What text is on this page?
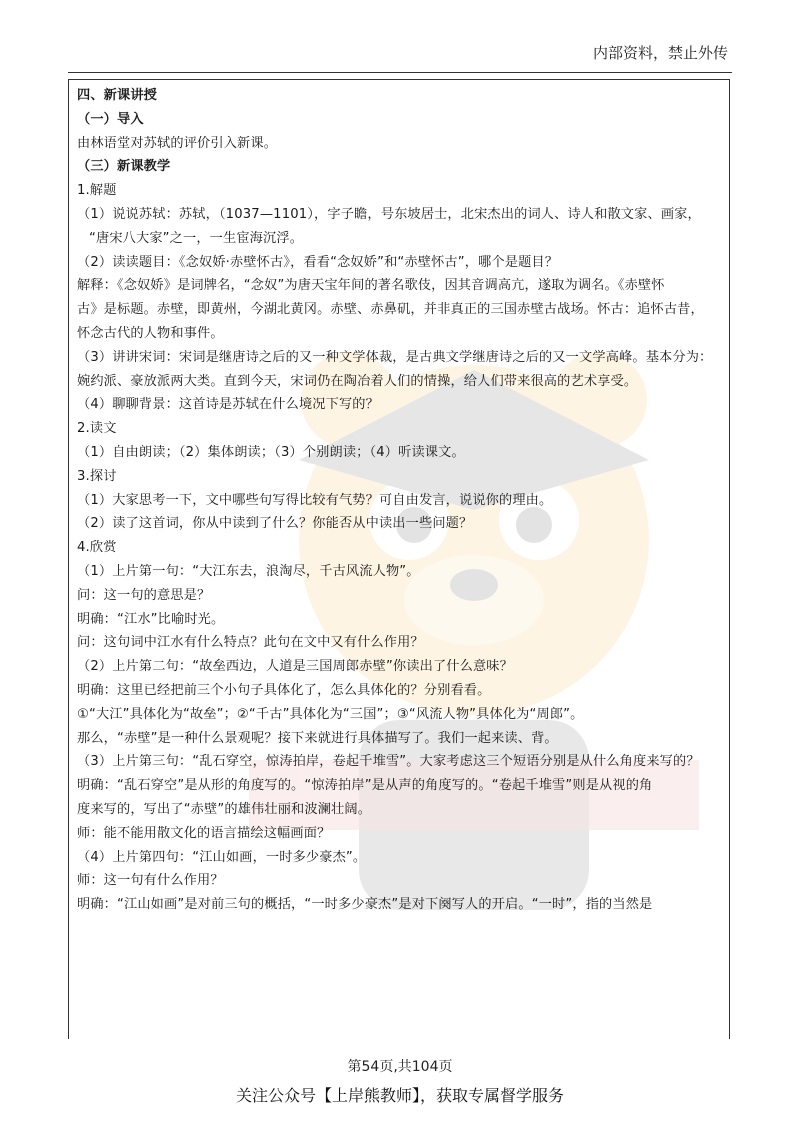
内部资料，禁止外传
四、新课讲授
（一）导入
由林语堂对苏轼的评价引入新课。
（三）新课教学
1.解题
（1）说说苏轼：苏轼，（1037—1101），字子瞻，号东坡居士，北宋杰出的词人、诗人和散文家、画家，
“唐宋八大家”之一，一生宦海沉浮。
（2）读读题目：《念奴娇·赤壁怀古》，看看“念奴娇”和“赤壁怀古”，哪个是题目？
解释：《念奴娇》是词牌名，“念奴”为唐天宝年间的著名歌伎，因其音调高亢，遂取为调名。《赤壁怀
古》是标题。赤壁，即黄州，今湖北黄冈。赤壁、赤鼻矶，并非真正的三国赤壁古战场。怀古：追怀古昔，
怀念古代的人物和事件。
（3）讲讲宋词：宋词是继唐诗之后的又一种文学体裁，是古典文学继唐诗之后的又一文学高峰。基本分为：
婉约派、豪放派两大类。直到今天，宋词仍在陶冶着人们的情操，给人们带来很高的艺术享受。
（4）聊聊背景：这首诗是苏轼在什么境况下写的？
2.读文
（1）自由朗读；（2）集体朗读；（3）个别朗读；（4）听读课文。
3.探讨
（1）大家思考一下，文中哪些句写得比较有气势？可自由发言，说说你的理由。
（2）读了这首词，你从中读到了什么？你能否从中读出一些问题？
4.欣赏
（1）上片第一句：“大江东去，浪淘尽，千古风流人物”。
问：这一句的意思是？
明确：“江水”比喻时光。
问：这句词中江水有什么特点？此句在文中又有什么作用？
（2）上片第二句：“故垒西边，人道是三国周郎赤壁”你读出了什么意味？
明确：这里已经把前三个小句子具体化了，怎么具体化的？分别看看。
①“大江”具体化为“故垒”；②“千古”具体化为“三国”；③“风流人物”具体化为“周郎”。
那么，“赤壁”是一种什么景观呢？接下来就进行具体描写了。我们一起来读、背。
（3）上片第三句：“乱石穿空，惊涛拍岸，卷起千堆雪”。大家考虑这三个短语分别是从什么角度来写的？
明确：“乱石穿空”是从形的角度写的。“惊涛拍岸”是从声的角度写的。“卷起千堆雪”则是从视的角
度来写的，写出了“赤壁”的雄伟壮丽和波澜壮阔。
师：能不能用散文化的语言描绘这幅画面？
（4）上片第四句：“江山如画，一时多少豪杰”。
师：这一句有什么作用？
明确：“江山如画”是对前三句的概括，“一时多少豪杰”是对下阕写人的开启。“一时”，指的当然是
第54页,共104页
关注公众号【上岸熊教师】，获取专属督学服务
